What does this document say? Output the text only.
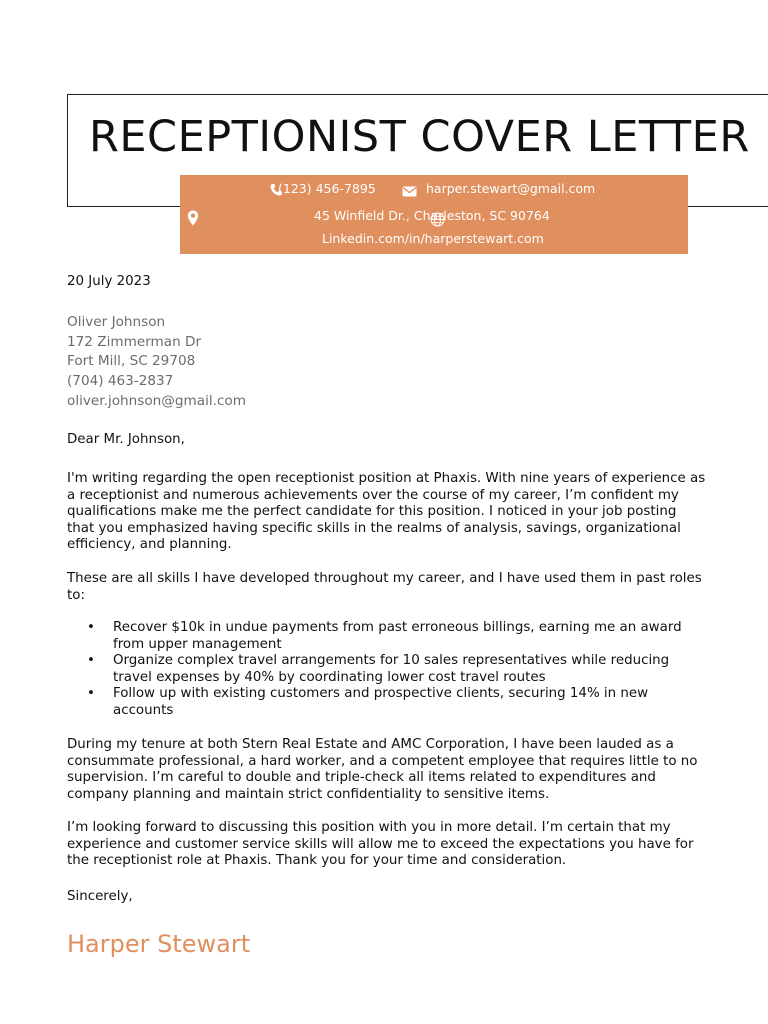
RECEPTIONIST COVER LETTER
(123) 456-7895	harper.stewart@gmail.com
45 Winfield Dr., Charleston, SC 90764
Linkedin.com/in/harperstewart.com
20 July 2023
Oliver Johnson
172 Zimmerman Dr
Fort Mill, SC 29708
(704) 463-2837
oliver.johnson@gmail.com
Dear Mr. Johnson,

I'm writing regarding the open receptionist position at Phaxis. With nine years of experience as a receptionist and numerous achievements over the course of my career, I’m confident my qualifications make me the perfect candidate for this position. I noticed in your job posting that you emphasized having specific skills in the realms of analysis, savings, organizational efficiency, and planning.

These are all skills I have developed throughout my career, and I have used them in past roles to:

• Recover $10k in undue payments from past erroneous billings, earning me an award from upper management
• Organize complex travel arrangements for 10 sales representatives while reducing travel expenses by 40% by coordinating lower cost travel routes
• Follow up with existing customers and prospective clients, securing 14% in new accounts

During my tenure at both Stern Real Estate and AMC Corporation, I have been lauded as a consummate professional, a hard worker, and a competent employee that requires little to no supervision. I’m careful to double and triple-check all items related to expenditures and company planning and maintain strict confidentiality to sensitive items.

I’m looking forward to discussing this position with you in more detail. I’m certain that my experience and customer service skills will allow me to exceed the expectations you have for the receptionist role at Phaxis. Thank you for your time and consideration.

Sincerely,
Harper Stewart
